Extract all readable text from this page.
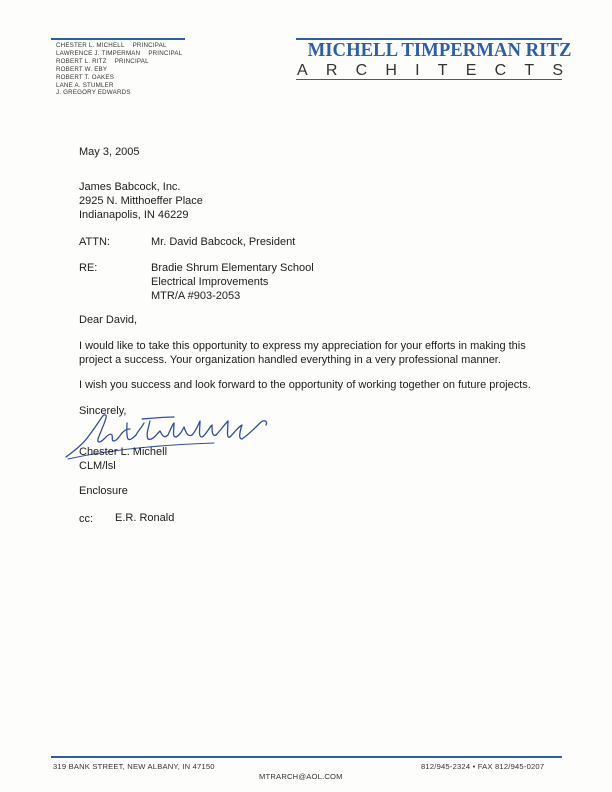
CHESTER L. MICHELL PRINCIPAL
LAWRENCE J. TIMPERMAN PRINCIPAL
ROBERT L. RITZ PRINCIPAL
ROBERT W. EBY
ROBERT T. OAKES
LANE A. STUMLER
J. GREGORY EDWARDS
MICHELL TIMPERMAN RITZ
ARCHITECTS
May 3, 2005
James Babcock, Inc.
2925 N. Mitthoeffer Place
Indianapolis, IN 46229
ATTN:	Mr. David Babcock, President
RE:	Bradie Shrum Elementary School
Electrical Improvements
MTR/A #903-2053
Dear David,
I would like to take this opportunity to express my appreciation for your efforts in making this project a success. Your organization handled everything in a very professional manner.
I wish you success and look forward to the opportunity of working together on future projects.
Sincerely,
Chester L. Michell
CLM/lsl
Enclosure
cc: E.R. Ronald
319 BANK STREET, NEW ALBANY, IN 47150
MTRARCH@AOL.COM
812/945-2324 • FAX 812/945-0207
